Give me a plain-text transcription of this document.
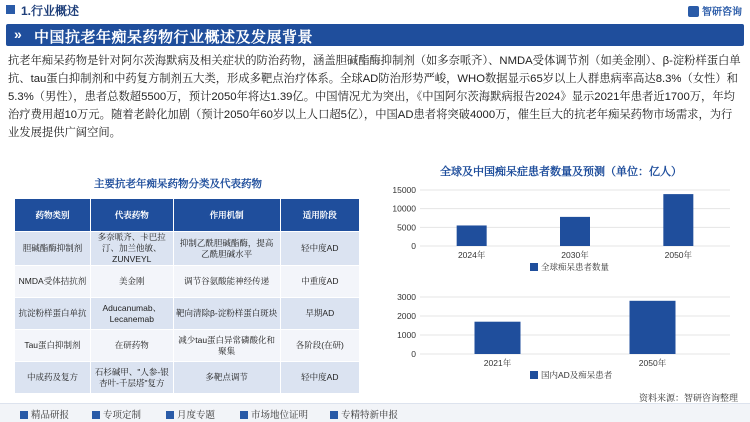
1.行业概述	智研咨询
» 中国抗老年痴呆药物行业概述及发展背景
抗老年痴呆药物是针对阿尔茨海默病及相关症状的防治药物，涵盖胆碱酯酶抑制剂（如多奈哌齐）、NMDA受体调节剂（如美金刚）、β-淀粉样蛋白单抗、tau蛋白抑制剂和中药复方制剂五大类，形成多靶点治疗体系。全球AD防治形势严峻，WHO数据显示65岁以上人群患病率高达8.3%（女性）和5.3%（男性），患者总数超5500万，预计2050年将达1.39亿。中国情况尤为突出，《中国阿尔茨海默病报告2024》显示2021年患者近1700万，年均治疗费用超10万元。随着老龄化加剧（预计2050年60岁以上人口超5亿），中国AD患者将突破4000万，催生巨大的抗老年痴呆药物市场需求，为行业发展提供广阔空间。
主要抗老年痴呆药物分类及代表药物
药物类别	代表药物	作用机制	适用阶段
胆碱酯酶抑制剂	多奈哌齐、卡巴拉汀、加兰他敏、ZUNVEYL	抑制乙酰胆碱酯酶，提高乙酰胆碱水平	轻中度AD
NMDA受体拮抗剂	美金刚	调节谷氨酸能神经传递	中重度AD
抗淀粉样蛋白单抗	Aducanumab、Lecanemab	靶向清除β-淀粉样蛋白斑块	早期AD
Tau蛋白抑制剂	在研药物	减少tau蛋白异常磷酸化和聚集	各阶段(在研)
中成药及复方	石杉碱甲、"人参-银杏叶-千层塔"复方	多靶点调节	轻中度AD
全球及中国痴呆症患者数量及预测（单位：亿人）
0
5000
10000
15000
2024年	2030年	2050年
全球痴呆患者数量
0
1000
2000
3000
2021年	2050年
国内AD及痴呆患者
资料来源：智研咨询整理
精品研报	专项定制	月度专题	市场地位证明	专精特新申报
